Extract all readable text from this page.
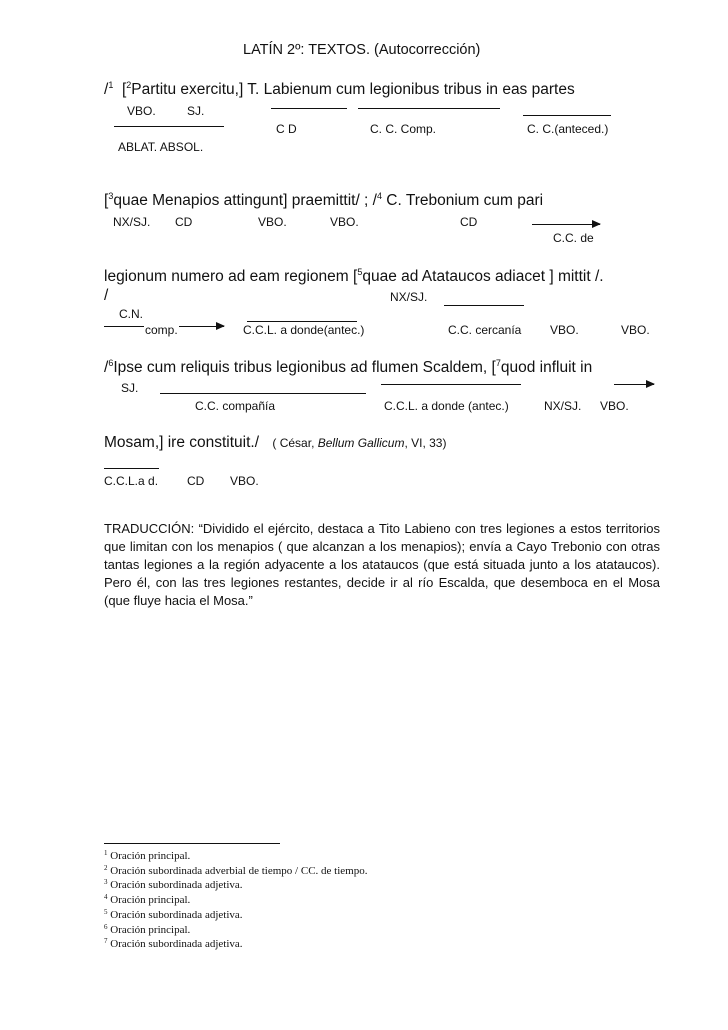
LATÍN 2º: TEXTOS. (Autocorrección)
/$^1$ [$^2$Partitu exercitu,] T. Labienum cum legionibus tribus in eas partes
VBO.	SJ.
C D	C. C. Comp.	C. C.(anteced.)
ABLAT. ABSOL.
[$^3$quae Menapios attingunt] praemittit/ ; /$^4$ C. Trebonium cum pari
NX/SJ. CD	VBO.	VBO.	CD
C.C. de
legionum numero ad eam regionem [$^5$quae ad Atataucos adiacet ] mittit /.
/	NX/SJ.
C.N.
comp.	C.C.L. a donde(antec.)	C.C. cercanía VBO.	VBO.
/$^6$Ipse cum reliquis tribus legionibus ad flumen Scaldem, [$^7$quod influit in
SJ.
C.C. compañía	C.C.L. a donde (antec.)	NX/SJ. VBO.
Mosam,] ire constituit./ ( César, Bellum Gallicum, VI, 33)
C.C.L.a d. CD VBO.
TRADUCCIÓN: “Dividido el ejército, destaca a Tito Labieno con tres legiones a estos territorios que limitan con los menapios ( que alcanzan a los menapios); envía a Cayo Trebonio con otras tantas legiones a la región adyacente a los atataucos (que está situada junto a los atataucos). Pero él, con las tres legiones restantes, decide ir al río Escalda, que desemboca en el Mosa (que fluye hacia el Mosa.”
$^1$ Oración principal.
$^2$ Oración subordinada adverbial de tiempo / CC. de tiempo.
$^3$ Oración subordinada adjetiva.
$^4$ Oración principal.
$^5$ Oración subordinada adjetiva.
$^6$ Oración principal.
$^7$ Oración subordinada adjetiva.
